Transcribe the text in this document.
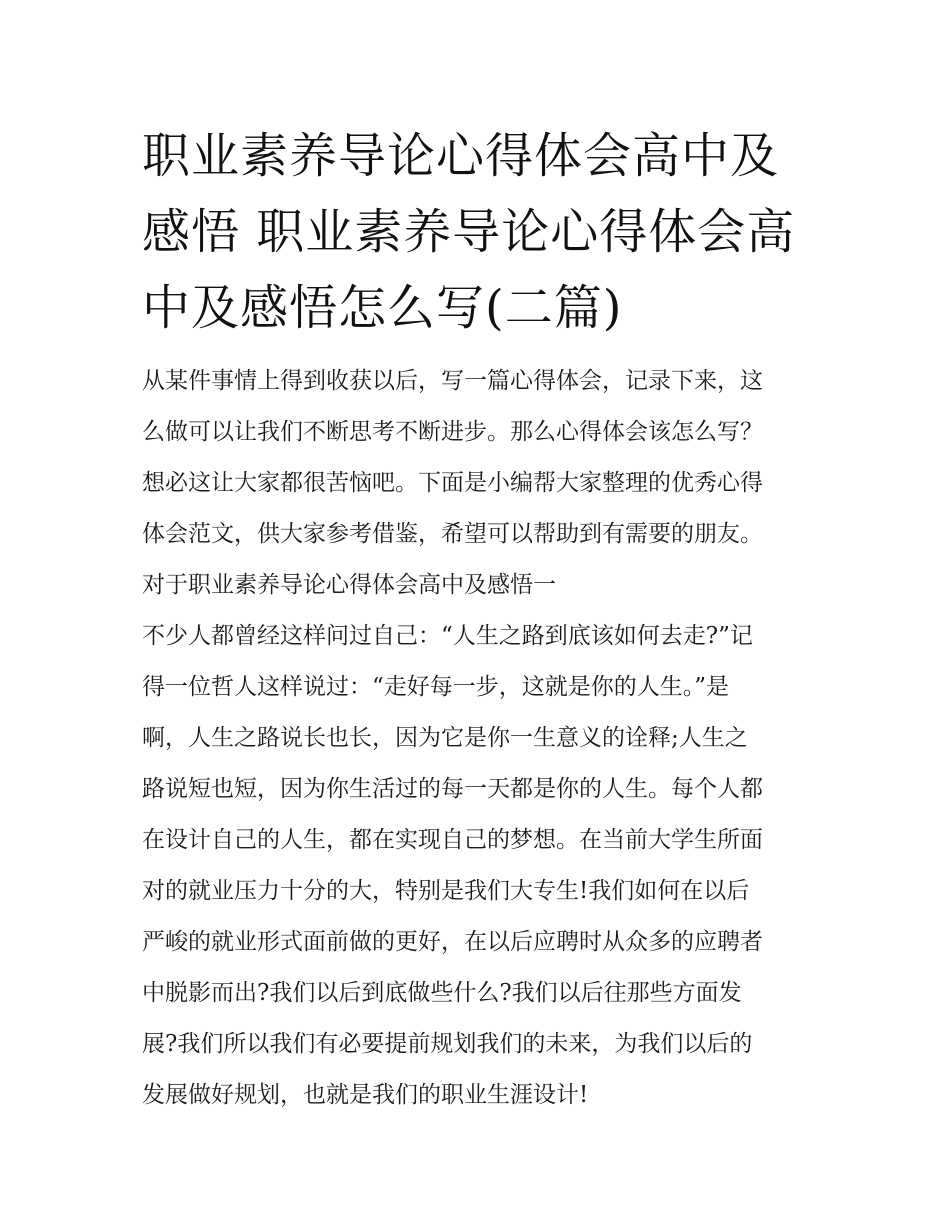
职业素养导论心得体会高中及
感悟 职业素养导论心得体会高
中及感悟怎么写(二篇)
从某件事情上得到收获以后，写一篇心得体会，记录下来，这
么做可以让我们不断思考不断进步。那么心得体会该怎么写？
想必这让大家都很苦恼吧。下面是小编帮大家整理的优秀心得
体会范文，供大家参考借鉴，希望可以帮助到有需要的朋友。
对于职业素养导论心得体会高中及感悟一
不少人都曾经这样问过自己：“人生之路到底该如何去走?”记
得一位哲人这样说过：“走好每一步，这就是你的人生。”是
啊，人生之路说长也长，因为它是你一生意义的诠释;人生之
路说短也短，因为你生活过的每一天都是你的人生。每个人都
在设计自己的人生，都在实现自己的梦想。在当前大学生所面
对的就业压力十分的大，特别是我们大专生!我们如何在以后
严峻的就业形式面前做的更好，在以后应聘时从众多的应聘者
中脱影而出?我们以后到底做些什么?我们以后往那些方面发
展?我们所以我们有必要提前规划我们的未来，为我们以后的
发展做好规划，也就是我们的职业生涯设计!
